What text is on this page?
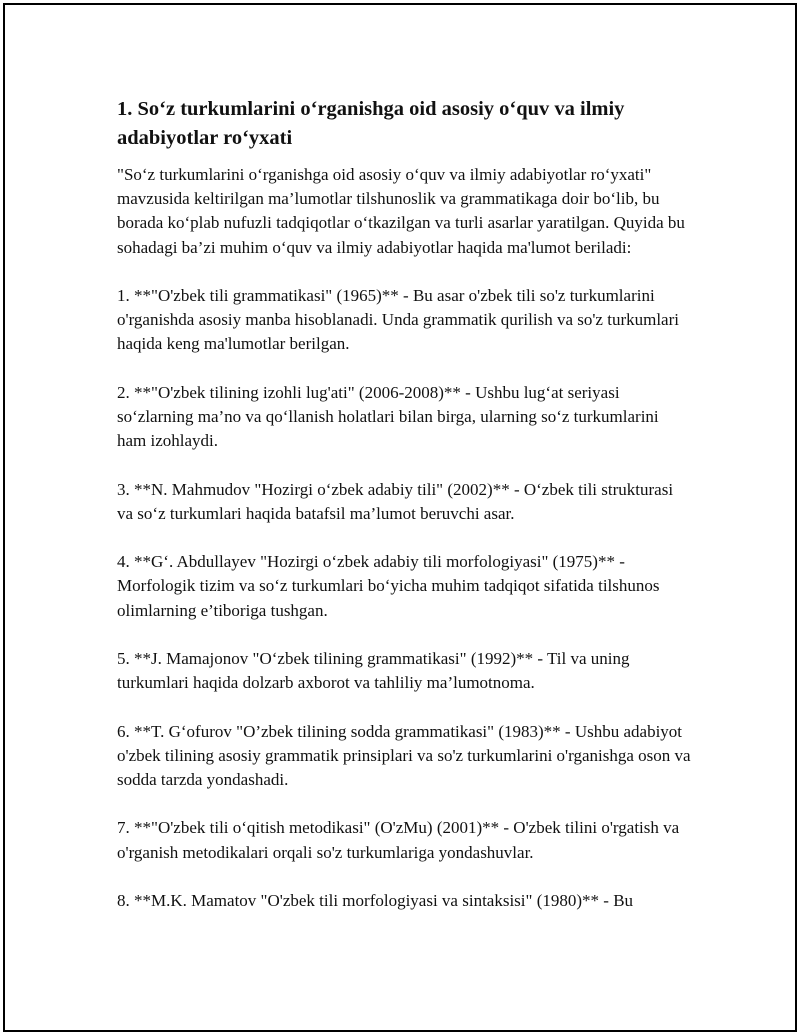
1. So‘z turkumlarini o‘rganishga oid asosiy o‘quv va ilmiy adabiyotlar ro‘yxati

"So‘z turkumlarini o‘rganishga oid asosiy o‘quv va ilmiy adabiyotlar ro‘yxati" mavzusida keltirilgan ma’lumotlar tilshunoslik va grammatikaga doir bo‘lib, bu borada ko‘plab nufuzli tadqiqotlar o‘tkazilgan va turli asarlar yaratilgan. Quyida bu sohadagi ba’zi muhim o‘quv va ilmiy adabiyotlar haqida ma'lumot beriladi:

1. **"O'zbek tili grammatikasi" (1965)** - Bu asar o'zbek tili so'z turkumlarini o'rganishda asosiy manba hisoblanadi. Unda grammatik qurilish va so'z turkumlari haqida keng ma'lumotlar berilgan.

2. **"O'zbek tilining izohli lug'ati" (2006-2008)** - Ushbu lug‘at seriyasi so‘zlarning ma’no va qo‘llanish holatlari bilan birga, ularning so‘z turkumlarini ham izohlaydi.

3. **N. Mahmudov "Hozirgi o‘zbek adabiy tili" (2002)** - O‘zbek tili strukturasi va so‘z turkumlari haqida batafsil ma’lumot beruvchi asar.

4. **G‘. Abdullayev "Hozirgi o‘zbek adabiy tili morfologiyasi" (1975)** - Morfologik tizim va so‘z turkumlari bo‘yicha muhim tadqiqot sifatida tilshunos olimlarning e’tiboriga tushgan.

5. **J. Mamajonov "O‘zbek tilining grammatikasi" (1992)** - Til va uning turkumlari haqida dolzarb axborot va tahliliy ma’lumotnoma.

6. **T. G‘ofurov "O’zbek tilining sodda grammatikasi" (1983)** - Ushbu adabiyot o'zbek tilining asosiy grammatik prinsiplari va so'z turkumlarini o'rganishga oson va sodda tarzda yondashadi.

7. **"O'zbek tili o‘qitish metodikasi" (O'zMu) (2001)** - O'zbek tilini o'rgatish va o'rganish metodikalari orqali so'z turkumlariga yondashuvlar.

8. **M.K. Mamatov "O'zbek tili morfologiyasi va sintaksisi" (1980)** - Bu
